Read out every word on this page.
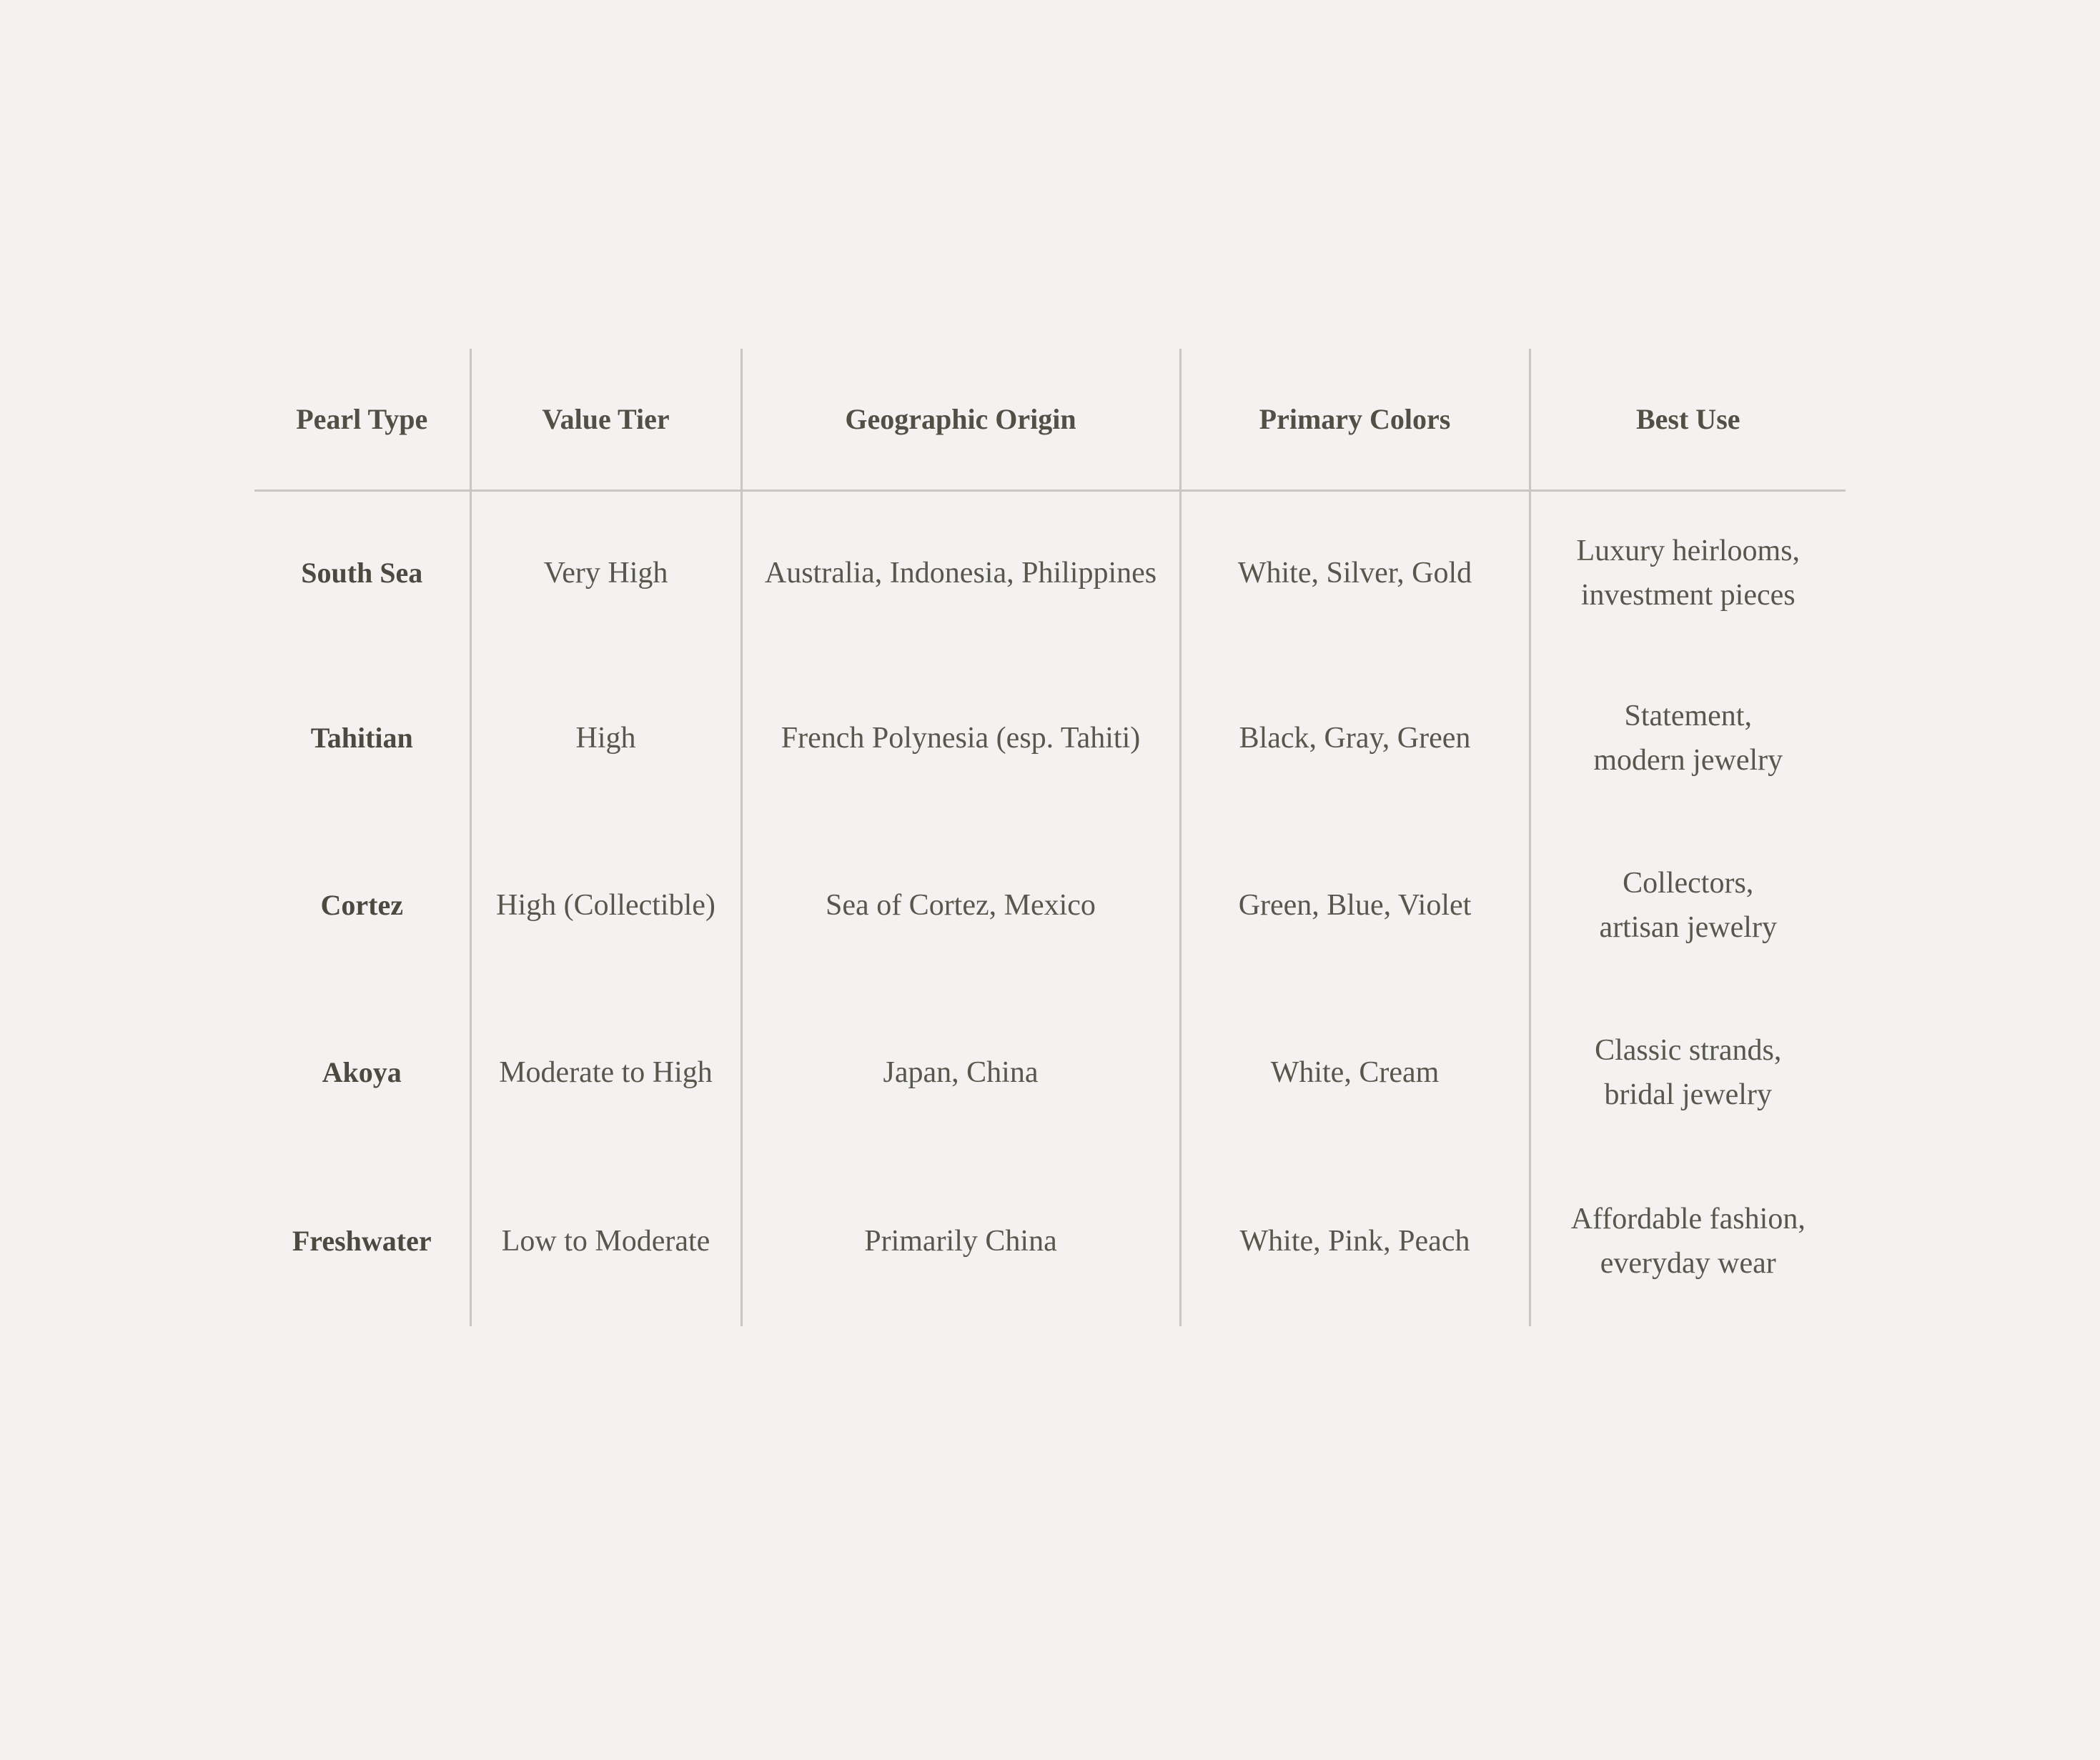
Pearl Type	Value Tier	Geographic Origin	Primary Colors	Best Use
South Sea	Very High	Australia, Indonesia, Philippines	White, Silver, Gold	Luxury heirlooms,
investment pieces

Tahitian	High	French Polynesia (esp. Tahiti)	Black, Gray, Green	Statement,
modern jewelry

Cortez	High (Collectible)	Sea of Cortez, Mexico	Green, Blue, Violet	Collectors,
artisan jewelry

Akoya	Moderate to High	Japan, China	White, Cream	Classic strands,
bridal jewelry

Freshwater	Low to Moderate	Primarily China	White, Pink, Peach	Affordable fashion,
everyday wear
